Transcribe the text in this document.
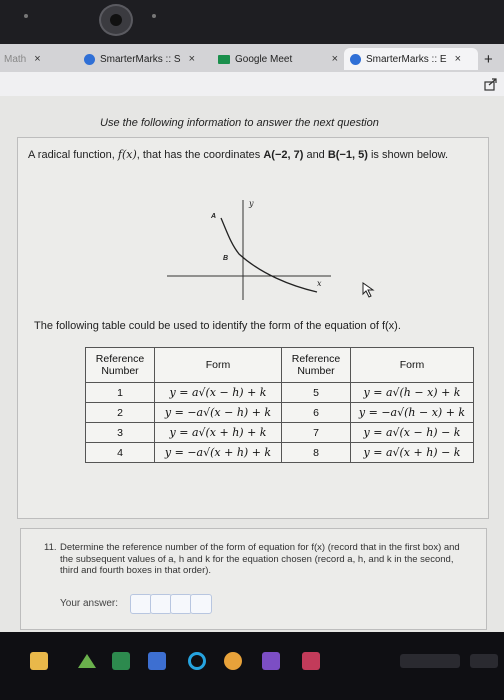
Math ×	SmarterMarks :: S ×	Google Meet	×	SmarterMarks :: E × +
Use the following information to answer the next question
A radical function, f(x), that has the coordinates A(−2, 7) and B(−1, 5) is shown below.
y
x
A
B
The following table could be used to identify the form of the equation of f(x).
Reference Number	Form	Reference Number	Form
1	y = a√(x − h) + k	5	y = a√(h − x) + k
2	y = −a√(x − h) + k	6	y = −a√(h − x) + k
3	y = a√(x + h) + k	7	y = a√(x − h) − k
4	y = −a√(x + h) + k	8	y = a√(x + h) − k
11. Determine the reference number of the form of equation for f(x) (record that in the first box) and the subsequent values of a, h and k for the equation chosen (record a, h, and k in the second, third and fourth boxes in that order).
Your answer:
